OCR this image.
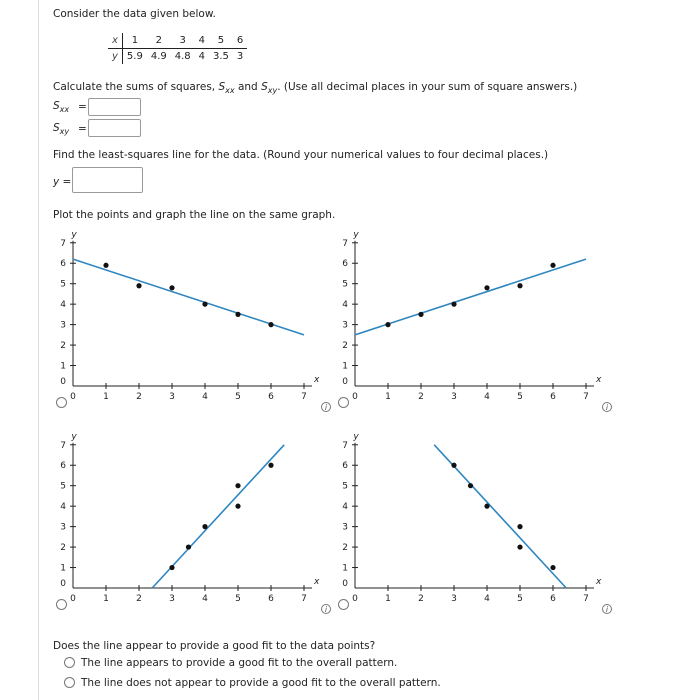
Consider the data given below.
x	1	2	3	4	5	6
y	5.9	4.9	4.8	4	3.5	3
Calculate the sums of squares, $S_{xx}$ and $S_{xy}$. (Use all decimal places in your sum of square answers.)
$S_{xx}$ =
$S_{xy}$ =
Find the least-squares line for the data. (Round your numerical values to four decimal places.)
y =
Plot the points and graph the line on the same graph.
0
0	1
1
2
2
3
3
4
4
5
5
6
6
7
7
x
y
i
0
0	1
1
2
2
3
3
4
4
5
5
6
6
7
7
x
y
i
0
0	1
1
2
2
3
3
4
4
5
5
6
6
7
7
x
y
i
0
0	1
1
2
2
3
3
4
4
5
5
6
6
7
7
x
y
i
Does the line appear to provide a good fit to the data points?
The line appears to provide a good fit to the overall pattern.
The line does not appear to provide a good fit to the overall pattern.
